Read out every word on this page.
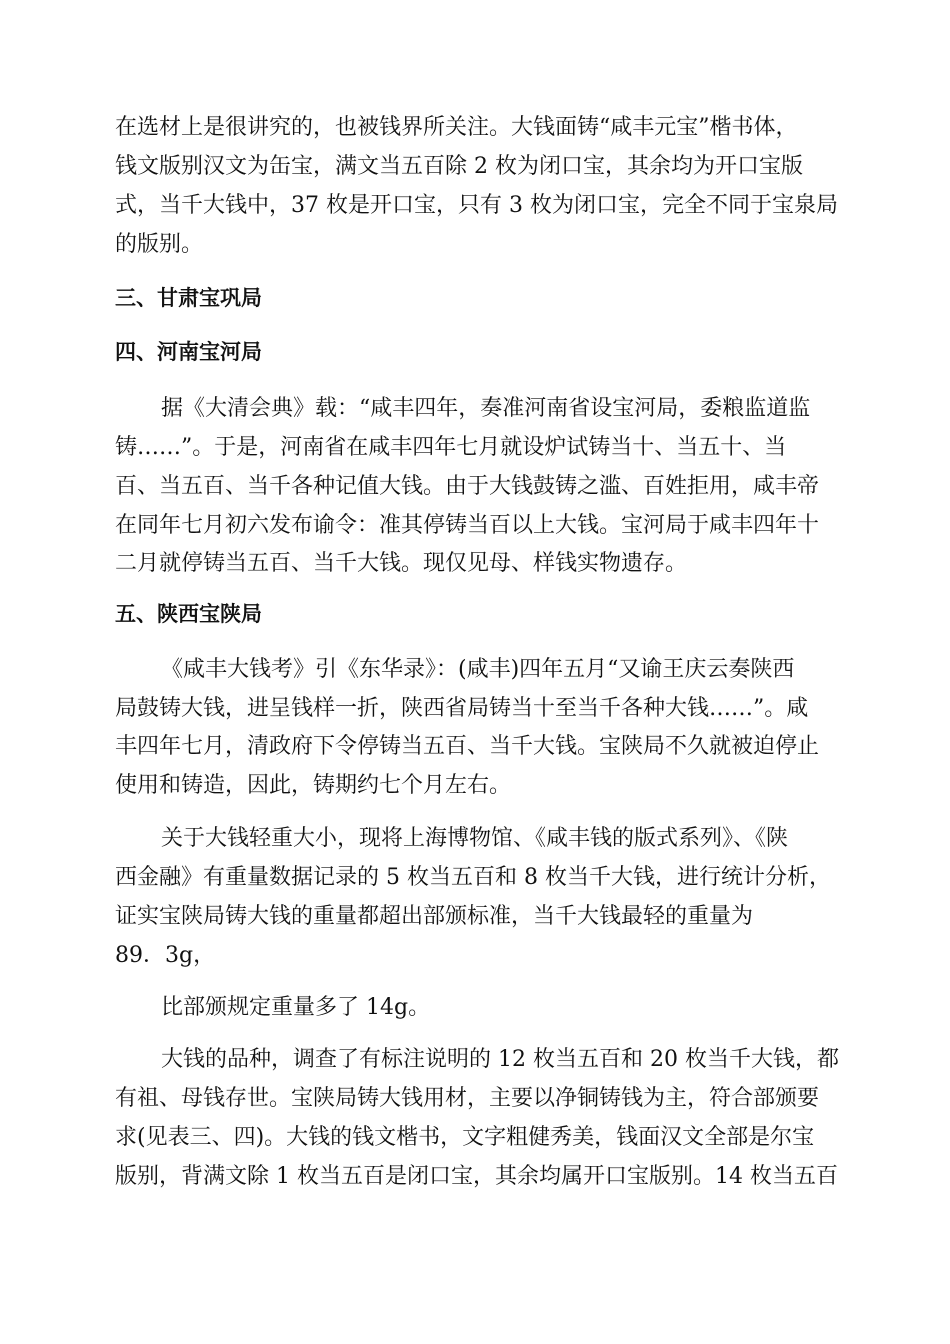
在选材上是很讲究的，也被钱界所关注。大钱面铸“咸丰元宝”楷书体，
钱文版别汉文为缶宝，满文当五百除 2 枚为闭口宝，其余均为开口宝版
式，当千大钱中，37 枚是开口宝，只有 3 枚为闭口宝，完全不同于宝泉局
的版别。
三、甘肃宝巩局
四、河南宝河局
据《大清会典》载：“咸丰四年，奏准河南省设宝河局，委粮监道监
铸……”。于是，河南省在咸丰四年七月就设炉试铸当十、当五十、当
百、当五百、当千各种记值大钱。由于大钱鼓铸之滥、百姓拒用，咸丰帝
在同年七月初六发布谕令：准其停铸当百以上大钱。宝河局于咸丰四年十
二月就停铸当五百、当千大钱。现仅见母、样钱实物遗存。
五、陕西宝陕局
《咸丰大钱考》引《东华录》：(咸丰)四年五月“又谕王庆云奏陕西
局鼓铸大钱，进呈钱样一折，陕西省局铸当十至当千各种大钱……”。咸
丰四年七月，清政府下令停铸当五百、当千大钱。宝陕局不久就被迫停止
使用和铸造，因此，铸期约七个月左右。
关于大钱轻重大小，现将上海博物馆、《咸丰钱的版式系列》、《陕
西金融》有重量数据记录的 5 枚当五百和 8 枚当千大钱，进行统计分析，
证实宝陕局铸大钱的重量都超出部颁标准，当千大钱最轻的重量为
89．3g，
比部颁规定重量多了 14g。
大钱的品种，调查了有标注说明的 12 枚当五百和 20 枚当千大钱，都
有祖、母钱存世。宝陕局铸大钱用材，主要以净铜铸钱为主，符合部颁要
求(见表三、四)。大钱的钱文楷书，文字粗健秀美，钱面汉文全部是尔宝
版别，背满文除 1 枚当五百是闭口宝，其余均属开口宝版别。14 枚当五百
